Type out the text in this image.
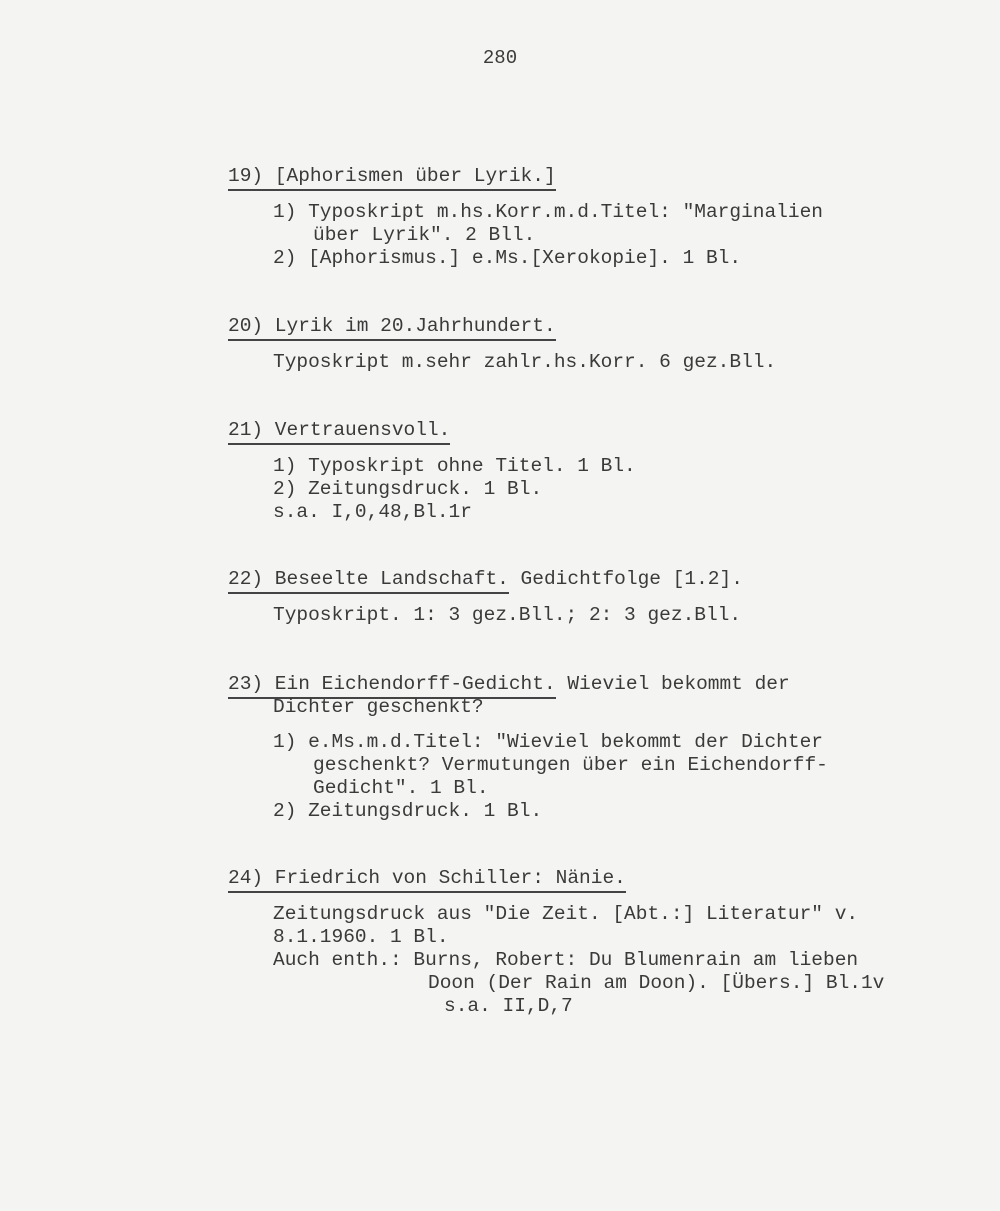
280
19) [Aphorismen über Lyrik.]
1) Typoskript m.hs.Korr.m.d.Titel: "Marginalien
über Lyrik". 2 Bll.
2) [Aphorismus.] e.Ms.[Xerokopie]. 1 Bl.
20) Lyrik im 20.Jahrhundert.
Typoskript m.sehr zahlr.hs.Korr. 6 gez.Bll.
21) Vertrauensvoll.
1) Typoskript ohne Titel. 1 Bl.
2) Zeitungsdruck. 1 Bl.
s.a. I,0,48,Bl.1r
22) Beseelte Landschaft. Gedichtfolge [1.2].
Typoskript. 1: 3 gez.Bll.; 2: 3 gez.Bll.
23) Ein Eichendorff-Gedicht. Wieviel bekommt der
Dichter geschenkt?
1) e.Ms.m.d.Titel: "Wieviel bekommt der Dichter
geschenkt? Vermutungen über ein Eichendorff-
Gedicht". 1 Bl.
2) Zeitungsdruck. 1 Bl.
24) Friedrich von Schiller: Nänie.
Zeitungsdruck aus "Die Zeit. [Abt.:] Literatur" v.
8.1.1960. 1 Bl.
Auch enth.: Burns, Robert: Du Blumenrain am lieben
Doon (Der Rain am Doon). [Übers.] Bl.1v
s.a. II,D,7
